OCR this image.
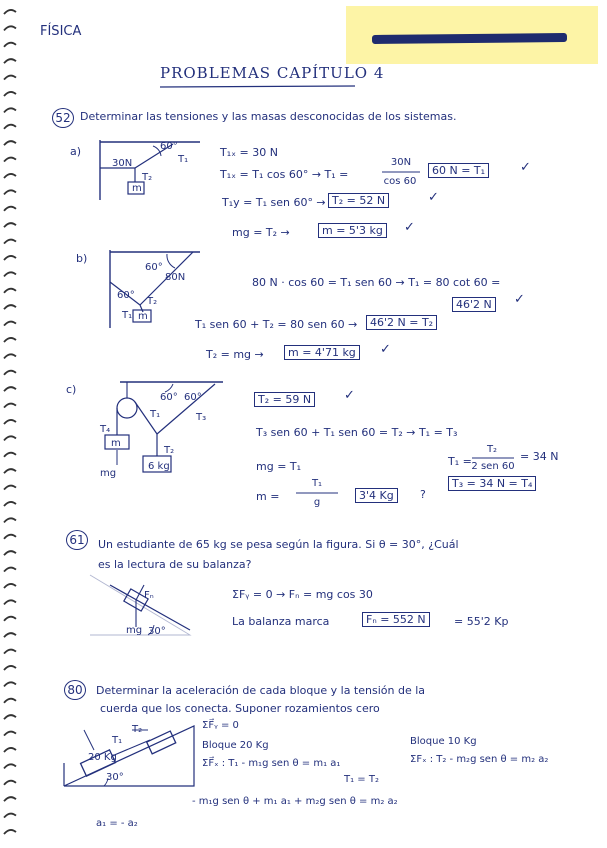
FÍSICA
PROBLEMAS CAPÍTULO 4
52 Determinar las tensiones y las masas desconocidas de los sistemas.
a)	60°
30N	T₁
T₂
m
T₁ₓ = 30 N
T₁ₓ = T₁ cos 60° → T₁ =
30N
cos 60
60 N = T₁	✓
T₁y = T₁ sen 60° → T₂ = 52 N	✓
mg = T₂ →	m = 5'3 kg	✓
b)
60°
80N
60°
T₁
T₂
m
80 N · cos 60 = T₁ sen 60 → T₁ = 80 cot 60 =
46'2 N	✓
T₁ sen 60 + T₂ = 80 sen 60 →	46'2 N = T₂
T₂ = mg →	m = 4'71 kg	✓
c)
60° 60°
T₁	T₃
T₂
T₄
m
6 kg
mg
T₂ = 59 N	✓
T₃ sen 60 + T₁ sen 60 = T₂ → T₁ = T₃
T₁ =
T₂
2 sen 60
= 34 N
mg = T₁
m =
T₁
g
3'4 Kg	?
T₃ = 34 N = T₄
61	Un estudiante de 65 kg se pesa según la figura. Si θ = 30°, ¿Cuál
es la lectura de su balanza?
Fₙ
mg 30°
ΣFᵧ = 0 → Fₙ = mg cos 30
La balanza marca	Fₙ = 552 N	= 55'2 Kp
80	Determinar la aceleración de cada bloque y la tensión de la
cuerda que los conecta. Suponer rozamientos cero
20 Kg
30°
T₁
T₂	ΣF⃗ᵧ = 0
Bloque 20 Kg
ΣF⃗ₓ : T₁ - m₁g sen θ = m₁ a₁
T₁ = T₂
Bloque 10 Kg
ΣFₓ : T₂ - m₂g sen θ = m₂ a₂
- m₁g sen θ + m₁ a₁ + m₂g sen θ = m₂ a₂
a₁ = - a₂
